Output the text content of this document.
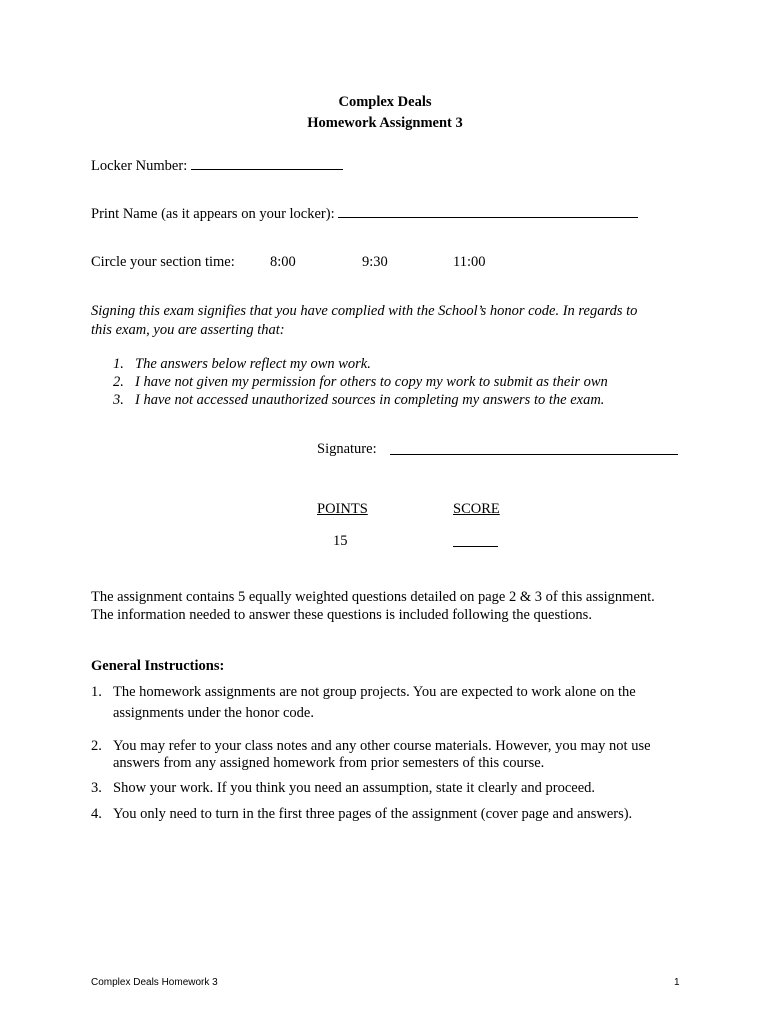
Complex Deals
Homework Assignment 3
Locker Number:
Print Name (as it appears on your locker):
Circle your section time: 8:00	9:30	11:00
Signing this exam signifies that you have complied with the School’s honor code. In regards to
this exam, you are asserting that:
1. The answers below reflect my own work.
2. I have not given my permission for others to copy my work to submit as their own
3. I have not accessed unauthorized sources in completing my answers to the exam.
Signature:
POINTS	SCORE
15
The assignment contains 5 equally weighted questions detailed on page 2 & 3 of this assignment.
The information needed to answer these questions is included following the questions.
General Instructions:
1. The homework assignments are not group projects. You are expected to work alone on the
assignments under the honor code.
2. You may refer to your class notes and any other course materials. However, you may not use
answers from any assigned homework from prior semesters of this course.
3. Show your work. If you think you need an assumption, state it clearly and proceed.
4. You only need to turn in the first three pages of the assignment (cover page and answers).
Complex Deals Homework 3	1
